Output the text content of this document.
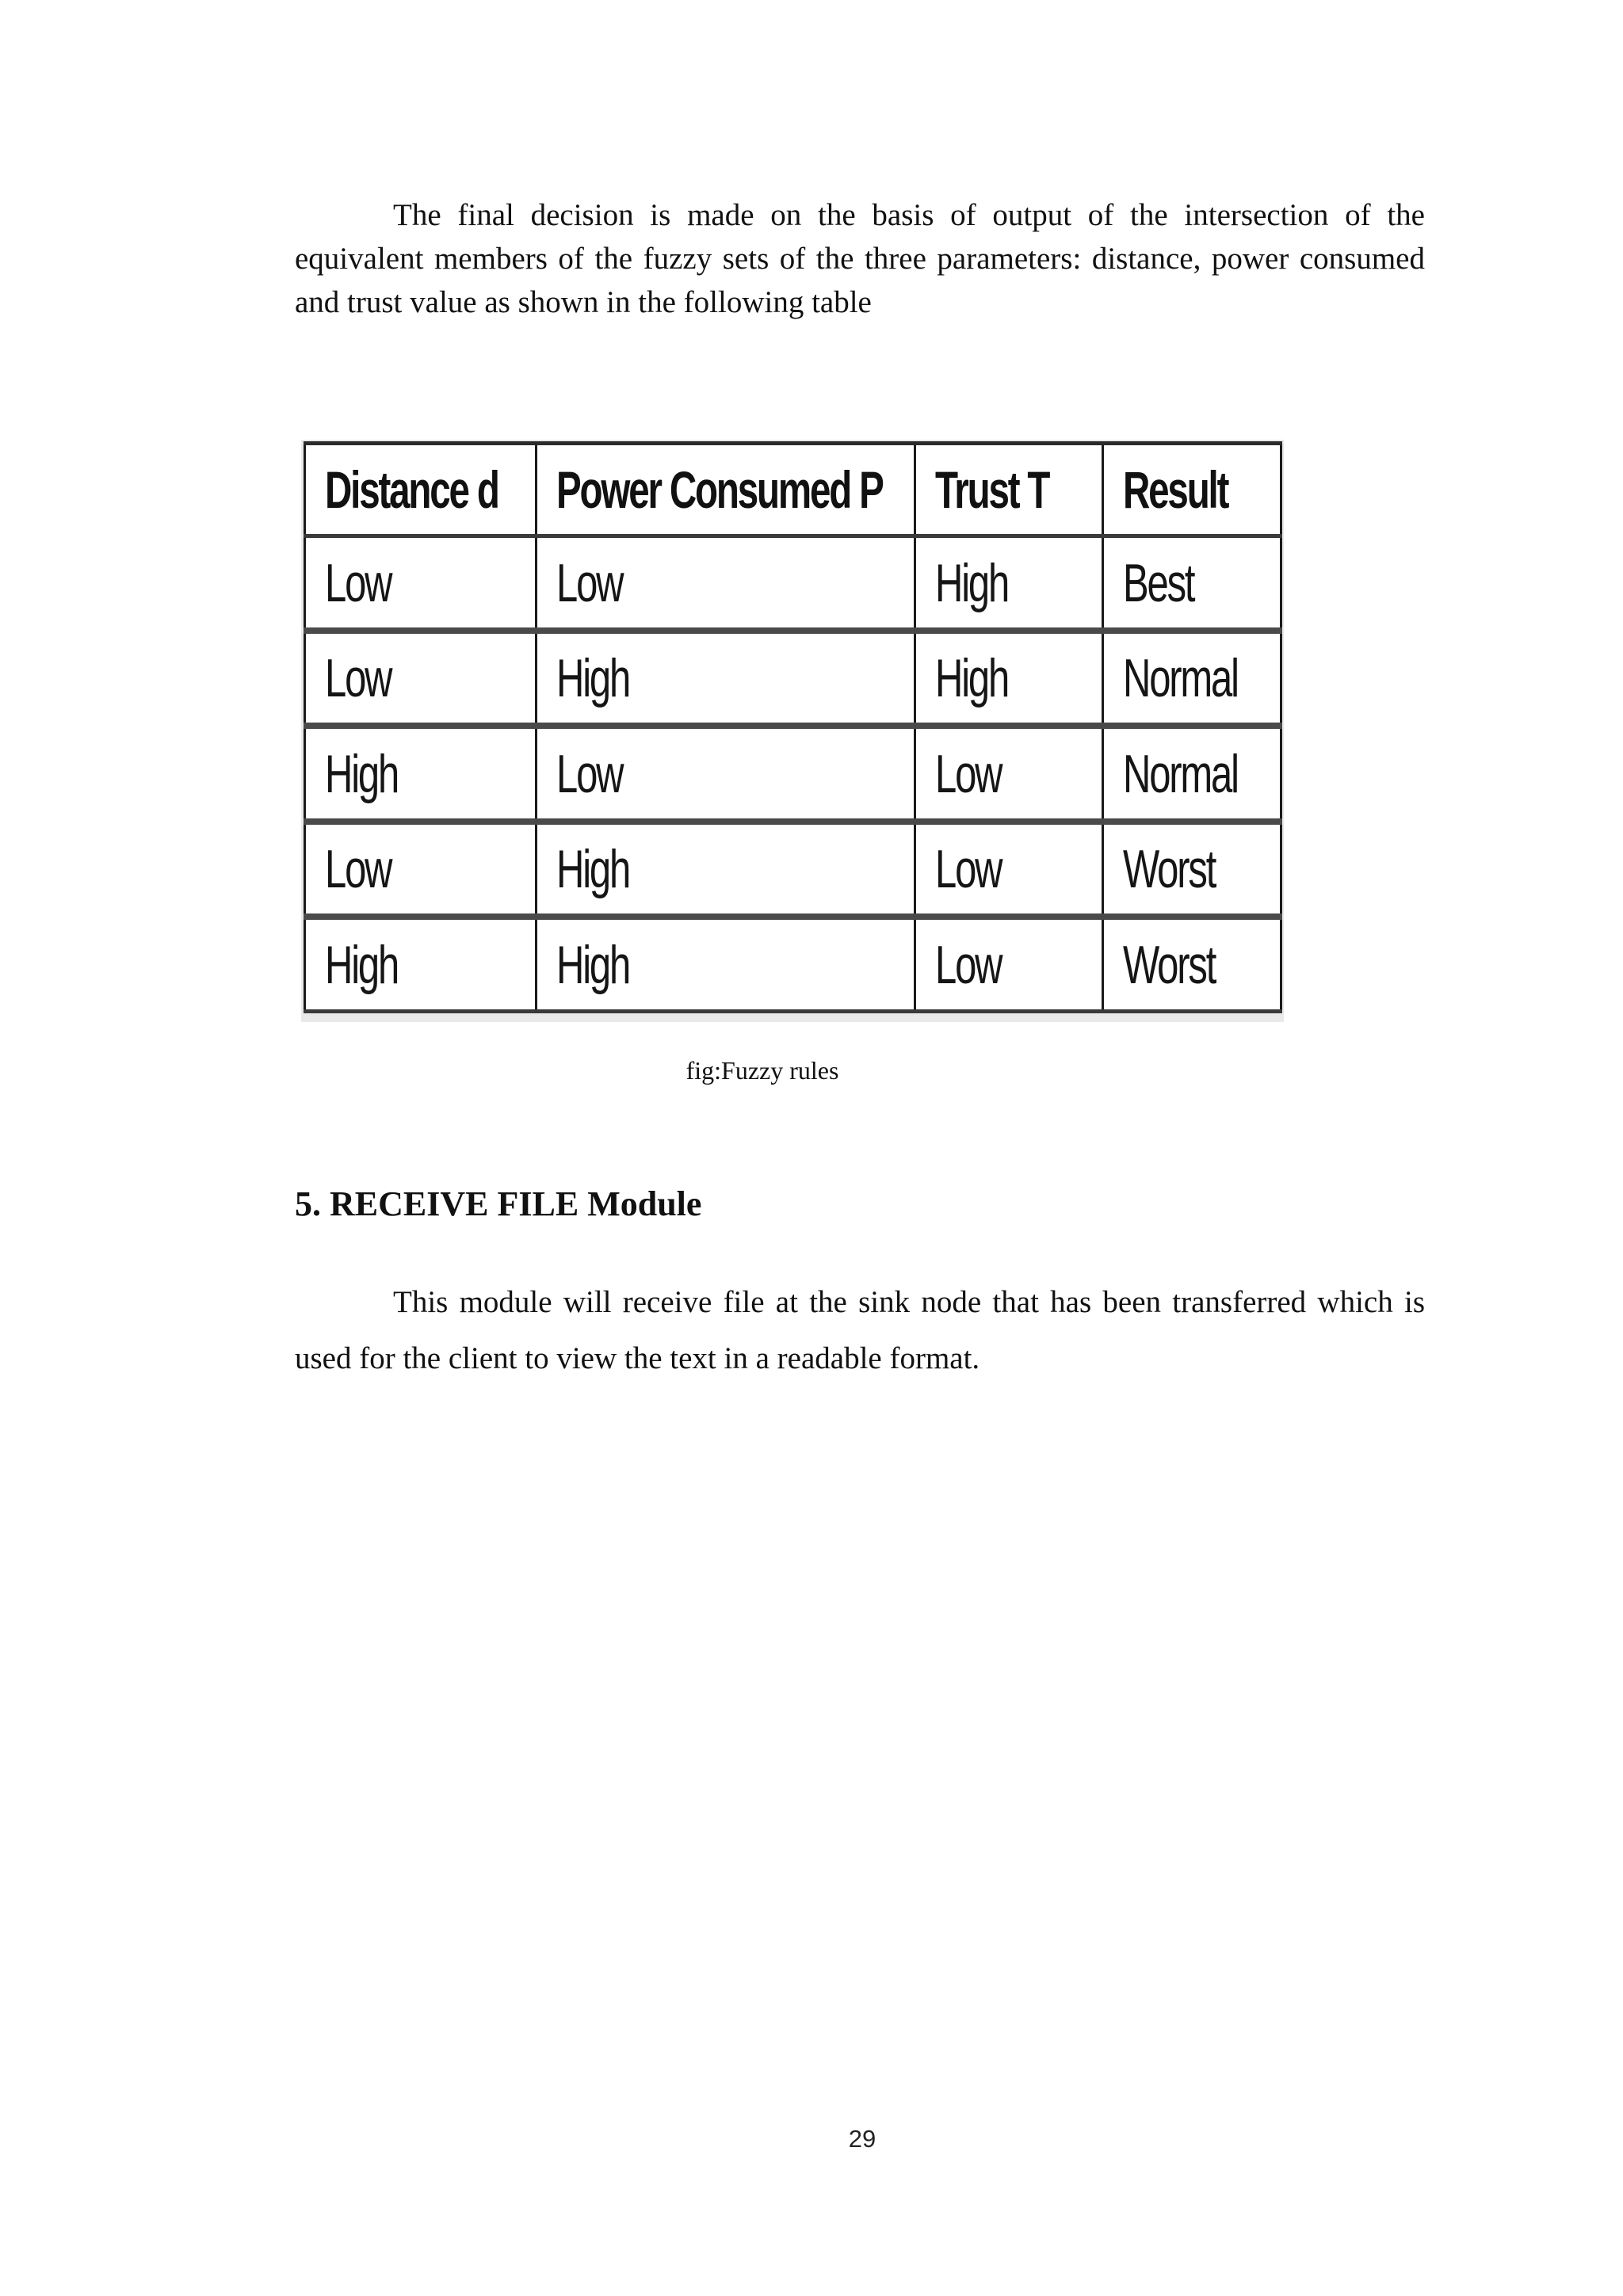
The final decision is made on the basis of output of the intersection of the equivalent members of the fuzzy sets of the three parameters: distance, power consumed and trust value as shown in the following table

Distance d	Power Consumed P	Trust T	Result
Low	Low	High	Best
Low	High	High	Normal
High	Low	Low	Normal
Low	High	Low	Worst
High	High	Low	Worst

fig:Fuzzy rules

5. RECEIVE FILE Module

This module will receive file at the sink node that has been transferred which is used for the client to view the text in a readable format.

29
